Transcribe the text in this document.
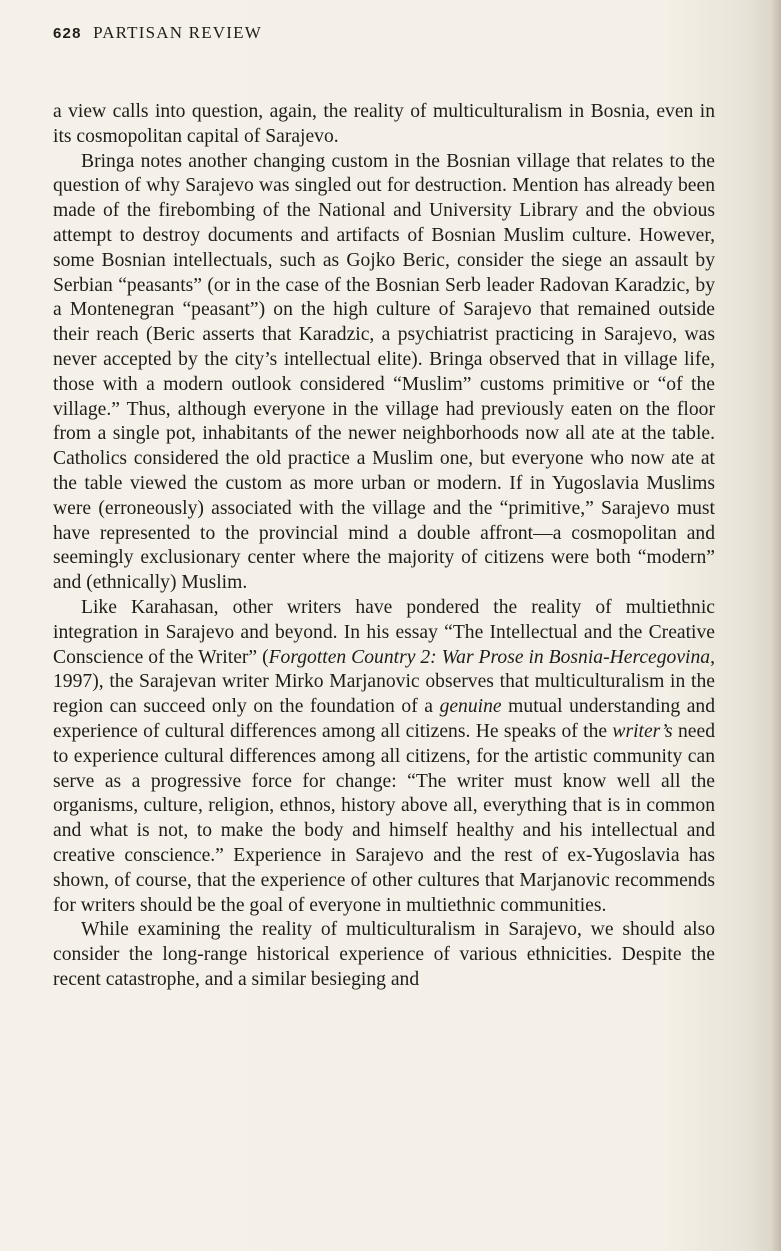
628 PARTISAN REVIEW

a view calls into question, again, the reality of multiculturalism in Bosnia, even in its cosmopolitan capital of Sarajevo.

Bringa notes another changing custom in the Bosnian village that relates to the question of why Sarajevo was singled out for destruction. Mention has already been made of the firebombing of the National and University Library and the obvious attempt to destroy documents and artifacts of Bosnian Muslim culture. However, some Bosnian intellectuals, such as Gojko Beric, consider the siege an assault by Serbian “peasants” (or in the case of the Bosnian Serb leader Radovan Karadzic, by a Montenegran “peasant”) on the high culture of Sarajevo that remained outside their reach (Beric asserts that Karadzic, a psychiatrist practicing in Sarajevo, was never accepted by the city’s intellectual elite). Bringa observed that in village life, those with a modern outlook considered “Muslim” customs primitive or “of the village.” Thus, although everyone in the village had previously eaten on the floor from a single pot, inhabitants of the newer neighborhoods now all ate at the table. Catholics considered the old practice a Muslim one, but everyone who now ate at the table viewed the custom as more urban or modern. If in Yugoslavia Muslims were (erroneously) associated with the village and the “primitive,” Sarajevo must have represented to the provincial mind a double affront—a cosmopolitan and seemingly exclusionary center where the majority of citizens were both “modern” and (ethnically) Muslim.

Like Karahasan, other writers have pondered the reality of multiethnic integration in Sarajevo and beyond. In his essay “The Intellectual and the Creative Conscience of the Writer” (Forgotten Country 2: War Prose in Bosnia-Hercegovina, 1997), the Sarajevan writer Mirko Marjanovic observes that multiculturalism in the region can succeed only on the foundation of a genuine mutual understanding and experience of cultural differences among all citizens. He speaks of the writer’s need to experience cultural differences among all citizens, for the artistic community can serve as a progressive force for change: “The writer must know well all the organisms, culture, religion, ethnos, history above all, everything that is in common and what is not, to make the body and himself healthy and his intellectual and creative conscience.” Experience in Sarajevo and the rest of ex-Yugoslavia has shown, of course, that the experience of other cultures that Marjanovic recommends for writers should be the goal of everyone in multiethnic communities.

While examining the reality of multiculturalism in Sarajevo, we should also consider the long-range historical experience of various ethnicities. Despite the recent catastrophe, and a similar besieging and
